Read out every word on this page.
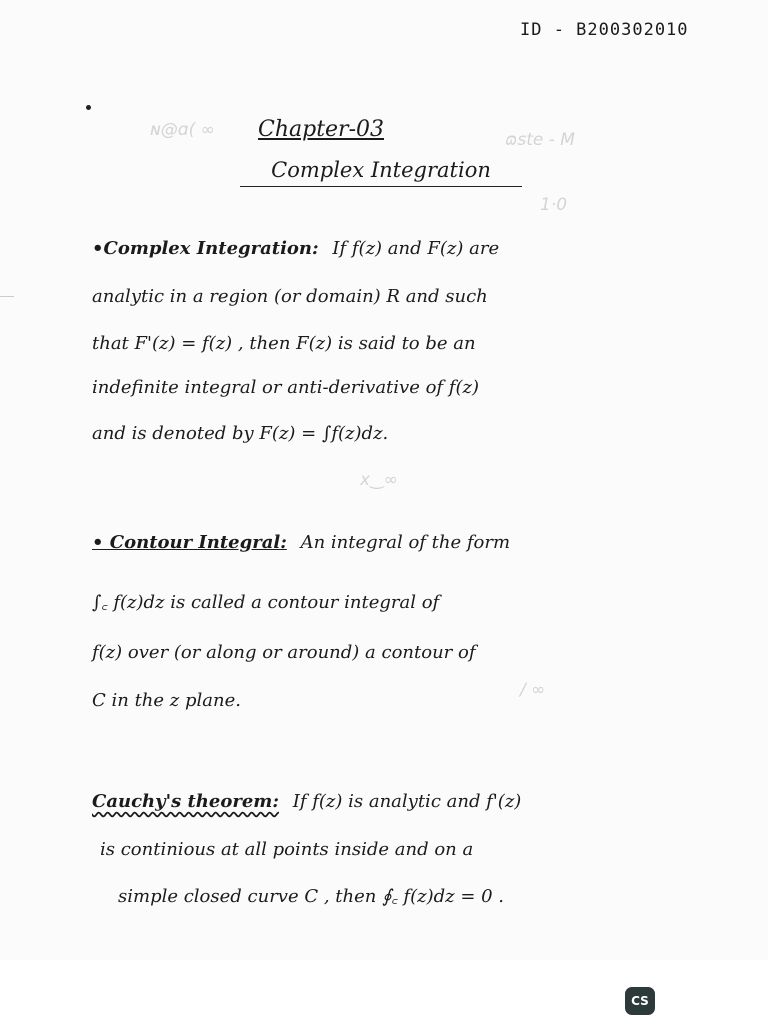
ɴ@ɑ( ∞	ɷste - M
1·0
x‿∞
∕ ∞
ID - B200302010
Chapter-03
Complex Integration
•Complex Integration: If f(z) and F(z) are
analytic in a region (or domain) R and such
that F'(z) = f(z) , then F(z) is said to be an
indefinite integral or anti-derivative of f(z)
and is denoted by F(z) = ∫f(z)dz.
• Contour Integral: An integral of the form
∫꜀ f(z)dz is called a contour integral of
f(z) over (or along or around) a contour of
C in the z plane.
Cauchy's theorem: If f(z) is analytic and f'(z)
is continious at all points inside and on a
simple closed curve C , then ∮꜀ f(z)dz = 0 .
CS
